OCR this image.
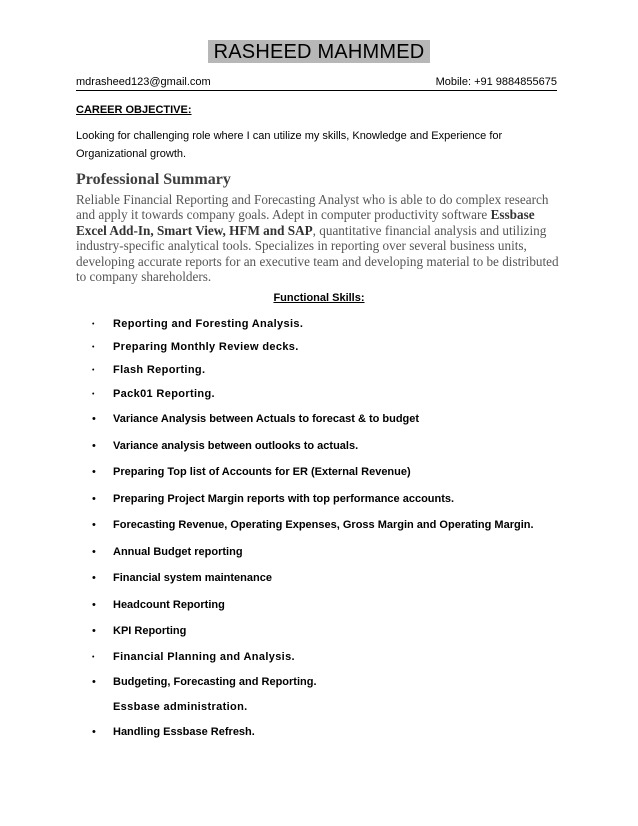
RASHEED MAHMMED
mdrasheed123@gmail.com	Mobile: +91 9884855675
CAREER OBJECTIVE:
Looking for challenging role where I can utilize my skills, Knowledge and Experience for Organizational growth.
Professional Summary
Reliable Financial Reporting and Forecasting Analyst who is able to do complex research and apply it towards company goals. Adept in computer productivity software Essbase Excel Add-In, Smart View, HFM and SAP, quantitative financial analysis and utilizing industry-specific analytical tools. Specializes in reporting over several business units, developing accurate reports for an executive team and developing material to be distributed to company shareholders.
Functional Skills:
• Reporting and Foresting Analysis.
• Preparing Monthly Review decks.
• Flash Reporting.
• Pack01 Reporting.
• Variance Analysis between Actuals to forecast & to budget
• Variance analysis between outlooks to actuals.
• Preparing Top list of Accounts for ER (External Revenue)
• Preparing Project Margin reports with top performance accounts.
• Forecasting Revenue, Operating Expenses, Gross Margin and Operating Margin.
• Annual Budget reporting
• Financial system maintenance
• Headcount Reporting
• KPI Reporting
• Financial Planning and Analysis.
• Budgeting, Forecasting and Reporting.
Essbase administration.
• Handling Essbase Refresh.
